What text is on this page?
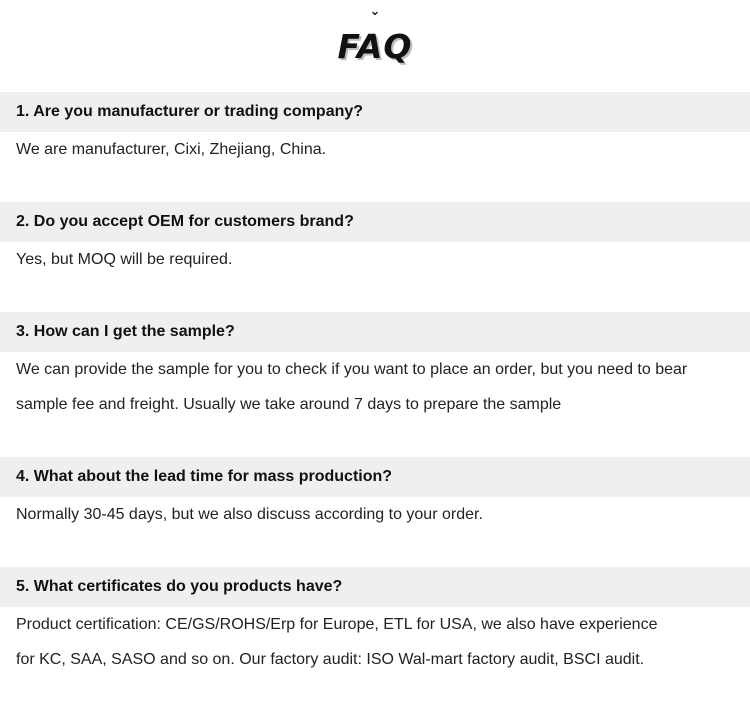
⌄
FAQ
1. Are you manufacturer or trading company?
We are manufacturer, Cixi, Zhejiang, China.
2. Do you accept OEM for customers brand?
Yes, but MOQ will be required.
3. How can I get the sample?
We can provide the sample for you to check if you want to place an order, but you need to bear
sample fee and freight. Usually we take around 7 days to prepare the sample
4. What about the lead time for mass production?
Normally 30-45 days, but we also discuss according to your order.
5. What certificates do you products have?
Product certification: CE/GS/ROHS/Erp for Europe, ETL for USA, we also have experience
for KC, SAA, SASO and so on. Our factory audit: ISO Wal-mart factory audit, BSCI audit.
